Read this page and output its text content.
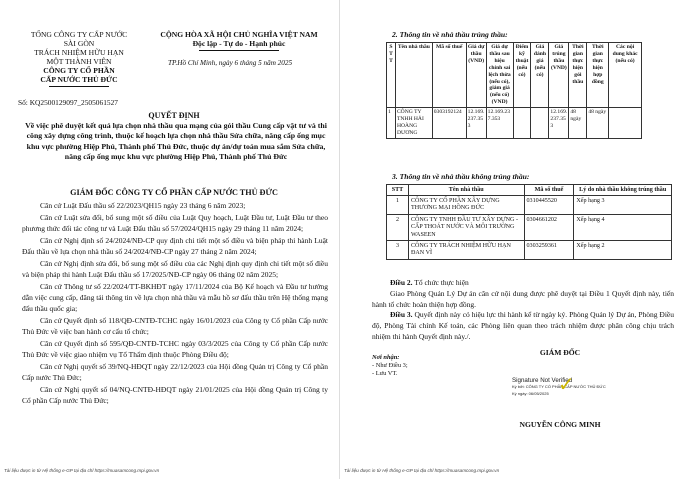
TỔNG CÔNG TY CẤP NƯỚC
SÀI GÒN
TRÁCH NHIỆM HỮU HẠN
MỘT THÀNH VIÊN
CÔNG TY CỔ PHẦN
CẤP NƯỚC THỦ ĐỨC
CỘNG HÒA XÃ HỘI CHỦ NGHĨA VIỆT NAM
Độc lập - Tự do - Hạnh phúc
TP.Hồ Chí Minh, ngày 6 tháng 5 năm 2025
Số: KQ2500129097_2505061527
QUYẾT ĐỊNH
Về việc phê duyệt kết quả lựa chọn nhà thầu qua mạng của gói thầu Cung cấp vật tư và thi công xây dựng công trình, thuộc kế hoạch lựa chọn nhà thầu Sửa chữa, nâng cấp ống mục khu vực phường Hiệp Phú, Thành phố Thủ Đức, thuộc dự án/dự toán mua sắm Sửa chữa, nâng cấp ống mục khu vực phường Hiệp Phú, Thành phố Thủ Đức
GIÁM ĐỐC CÔNG TY CỔ PHẦN CẤP NƯỚC THỦ ĐỨC

Căn cứ Luật Đấu thầu số 22/2023/QH15 ngày 23 tháng 6 năm 2023;

Căn cứ Luật sửa đổi, bổ sung một số điều của Luật Quy hoạch, Luật Đầu tư, Luật Đầu tư theo phương thức đối tác công tư và Luật Đấu thầu số 57/2024/QH15 ngày 29 tháng 11 năm 2024;

Căn cứ Nghị định số 24/2024/NĐ-CP quy định chi tiết một số điều và biện pháp thi hành Luật Đấu thầu về lựa chọn nhà thầu số 24/2024/NĐ-CP ngày 27 tháng 2 năm 2024;

Căn cứ Nghị định sửa đổi, bổ sung một số điều của các Nghị định quy định chi tiết một số điều và biện pháp thi hành Luật Đấu thầu số 17/2025/NĐ-CP ngày 06 tháng 02 năm 2025;

Căn cứ Thông tư số 22/2024/TT-BKHĐT ngày 17/11/2024 của Bộ Kế hoạch và Đầu tư hướng dẫn việc cung cấp, đăng tải thông tin về lựa chọn nhà thầu và mẫu hồ sơ đấu thầu trên Hệ thống mạng đấu thầu quốc gia;

Căn cứ Quyết định số 118/QĐ-CNTĐ-TCHC ngày 16/01/2023 của Công ty Cổ phần Cấp nước Thủ Đức về việc ban hành cơ cấu tổ chức;

Căn cứ Quyết định số 595/QĐ-CNTĐ-TCHC ngày 03/3/2025 của Công ty Cổ phần Cấp nước Thủ Đức về việc giao nhiệm vụ Tổ Thẩm định thuộc Phòng Điều độ;

Căn cứ Nghị quyết số 39/NQ-HĐQT ngày 22/12/2023 của Hội đồng Quản trị Công ty Cổ phần Cấp nước Thủ Đức;

Căn cứ Nghị quyết số 04/NQ-CNTĐ-HĐQT ngày 21/01/2025 của Hội đồng Quản trị Công ty Cổ phần Cấp nước Thủ Đức;

Tài liệu được in từ Hệ thống e-GP tại địa chỉ https://muasamcong.mpi.gov.vn
2. Thông tin về nhà thầu trúng thầu:
S T T	Tên nhà thầu	Mã số thuế	Giá dự thầu (VND)	Giá dự thầu sau hiệu chỉnh sai lệch thừa (nếu có), giảm giá (nếu có) (VND)	Điểm kỹ thuật (nếu có)	Giá đánh giá (nếu có)	Giá trúng thầu (VND)	Thời gian thực hiện gói thầu	Thời gian thực hiện hợp đồng	Các nội dung khác (nếu có)
1	CÔNG TY TNHH HẢI HOÀNG DƯƠNG	0303192124	12.169.237.353	12.169.237.353			12.169.237.353	48 ngày	48 ngày	
3. Thông tin về nhà thầu không trúng thầu:
STT	Tên nhà thầu	Mã số thuế	Lý do nhà thầu không trúng thầu
1	CÔNG TY CỔ PHẦN XÂY DỰNG THƯƠNG MẠI HỒNG ĐỨC	0310445520	Xếp hạng 3
2	CÔNG TY TNHH ĐẦU TƯ XÂY DỰNG - CẤP THOÁT NƯỚC VÀ MÔI TRƯỜNG WASEEN	0304661202	Xếp hạng 4
3	CÔNG TY TRÁCH NHIỆM HỮU HẠN ĐAN VĨ	0303259361	Xếp hạng 2

Điều 2. Tổ chức thực hiện

Giao Phòng Quản Lý Dự án căn cứ nội dung được phê duyệt tại Điều 1 Quyết định này, tiến hành tổ chức hoàn thiện hợp đồng.

Điều 3. Quyết định này có hiệu lực thi hành kể từ ngày ký. Phòng Quản lý Dự án, Phòng Điều độ, Phòng Tài chính Kế toán, các Phòng liên quan theo trách nhiệm được phân công chịu trách nhiệm thi hành Quyết định này./.

Nơi nhận:
- Như Điều 3;
- Lưu VT.
GIÁM ĐỐC
Signature Not Verified
Ký bởi: CÔNG TY CỔ PHẦN CẤP NƯỚC THỦ ĐỨC
Ký ngày: 06/05/2025 ✓
NGUYỄN CÔNG MINH
Tài liệu được in từ Hệ thống e-GP tại địa chỉ https://muasamcong.mpi.gov.vn
